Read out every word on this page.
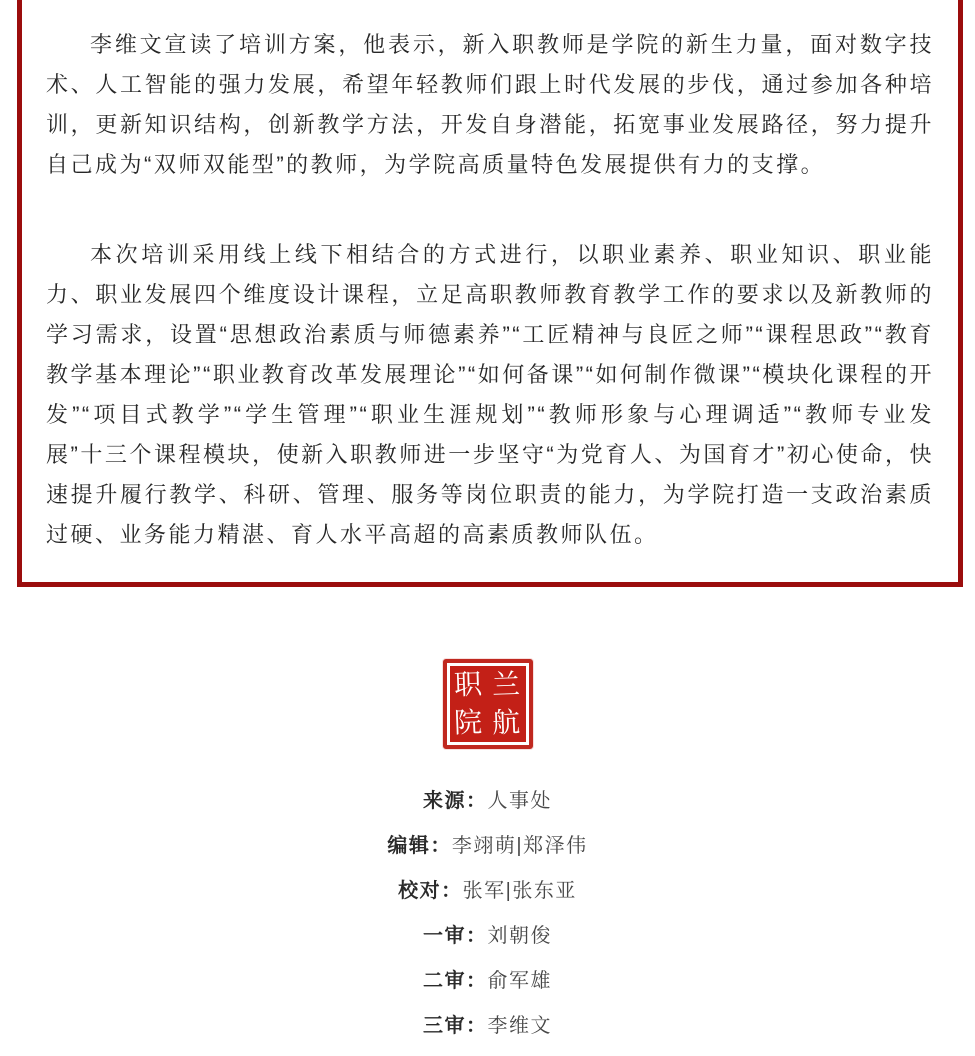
李维文宣读了培训方案，他表示，新入职教师是学院的新生力量，面对数字技术、人工智能的强力发展，希望年轻教师们跟上时代发展的步伐，通过参加各种培训，更新知识结构，创新教学方法，开发自身潜能，拓宽事业发展路径，努力提升自己成为“双师双能型”的教师，为学院高质量特色发展提供有力的支撑。

本次培训采用线上线下相结合的方式进行，以职业素养、职业知识、职业能力、职业发展四个维度设计课程，立足高职教师教育教学工作的要求以及新教师的学习需求，设置“思想政治素质与师德素养”“工匠精神与良匠之师”“课程思政”“教育教学基本理论”“职业教育改革发展理论”“如何备课”“如何制作微课”“模块化课程的开发”“项目式教学”“学生管理”“职业生涯规划”“教师形象与心理调适”“教师专业发展”十三个课程模块，使新入职教师进一步坚守“为党育人、为国育才”初心使命，快速提升履行教学、科研、管理、服务等岗位职责的能力，为学院打造一支政治素质过硬、业务能力精湛、育人水平高超的高素质教师队伍。

职 兰
院 航
来源：人事处
编辑：李翊萌|郑泽伟
校对：张军|张东亚
一审：刘朝俊
二审：俞军雄
三审：李维文
